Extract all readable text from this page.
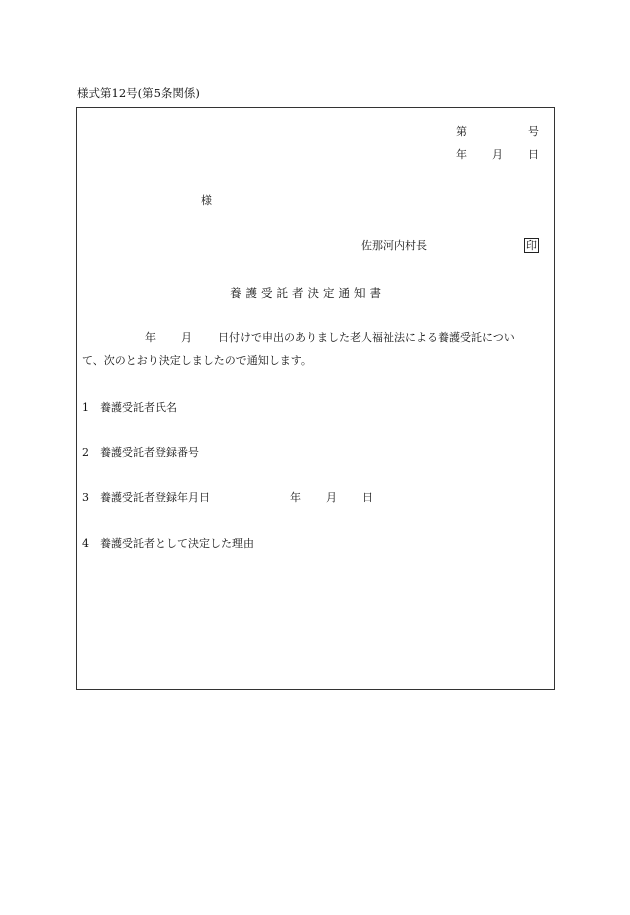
様式第12号(第5条関係)
第	号
年 月 日
様
佐那河内村長	印
養護受託者決定通知書
年 月 日付けで申出のありました老人福祉法による養護受託につい
て、次のとおり決定しましたので通知します。
1 養護受託者氏名
2 養護受託者登録番号
3 養護受託者登録年月日	年 月 日
4 養護受託者として決定した理由
